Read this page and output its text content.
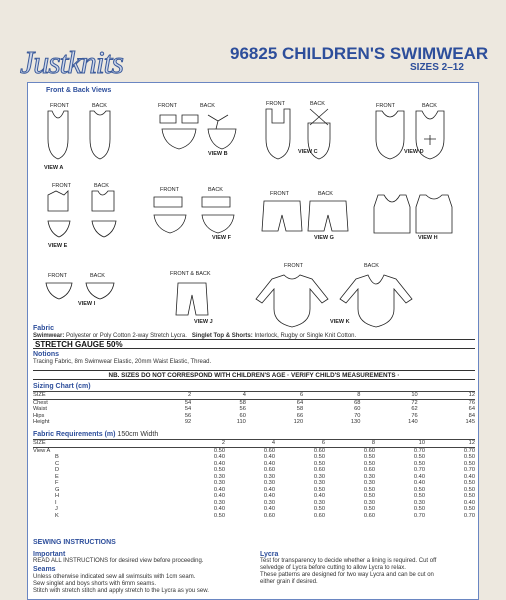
Justknits	96825 CHILDREN'S SWIMWEAR
SIZES 2–12
Front & Back Views
FRONT	BACK
VIEW A
FRONT	BACK
VIEW B
FRONT	BACK
VIEW C
FRONT	BACK
VIEW D
FRONT	BACK
VIEW E
FRONT	BACK
VIEW F
FRONT	BACK
VIEW G	VIEW H
FRONT	BACK
VIEW I
FRONT & BACK
VIEW J
FRONT	BACK
VIEW K
Fabric
Swimwear: Polyester or Poly Cotton 2-way Stretch Lycra. Singlet Top & Shorts: Interlock, Rugby or Single Knit Cotton.
STRETCH GAUGE 50%
Notions
Tracing Fabric, 8m Swimwear Elastic, 20mm Waist Elastic, Thread.
NB. SIZES DO NOT CORRESPOND WITH CHILDREN'S AGE · VERIFY CHILD'S MEASUREMENTS ·
Sizing Chart (cm)
SIZE	2	4	6	8	10	12
Chest	54	58	64	68	72	76
Waist	54	56	58	60	62	64
Hips	56	60	66	70	76	84
Height	92	110	120	130	140	145
Fabric Requirements (m) 150cm Width
SIZE	2	4	6	8	10	12
View A	0.50	0.60	0.60	0.60	0.70	0.70
B	0.40	0.40	0.50	0.50	0.50	0.50
C	0.40	0.40	0.50	0.50	0.50	0.50
D	0.50	0.60	0.60	0.60	0.70	0.70
E	0.30	0.30	0.30	0.30	0.40	0.40
F	0.30	0.30	0.30	0.30	0.40	0.50
G	0.40	0.40	0.50	0.50	0.50	0.50
H	0.40	0.40	0.40	0.50	0.50	0.50
I	0.30	0.30	0.30	0.30	0.30	0.40
J	0.40	0.40	0.50	0.50	0.50	0.50
K	0.50	0.60	0.60	0.60	0.70	0.70
SEWING INSTRUCTIONS
Important
READ ALL INSTRUCTIONS for desired view before proceeding.
Seams
Unless otherwise indicated sew all swimsuits with 1cm seam.
Sew singlet and boys shorts with 6mm seams.
Stitch with stretch stitch and apply stretch to the Lycra as you sew.
Lycra
Test for transparency to decide whether a lining is required. Cut off
selvedge of Lycra before cutting to allow Lycra to relax.
These patterns are designed for two way Lycra and can be cut on
either grain if desired.
